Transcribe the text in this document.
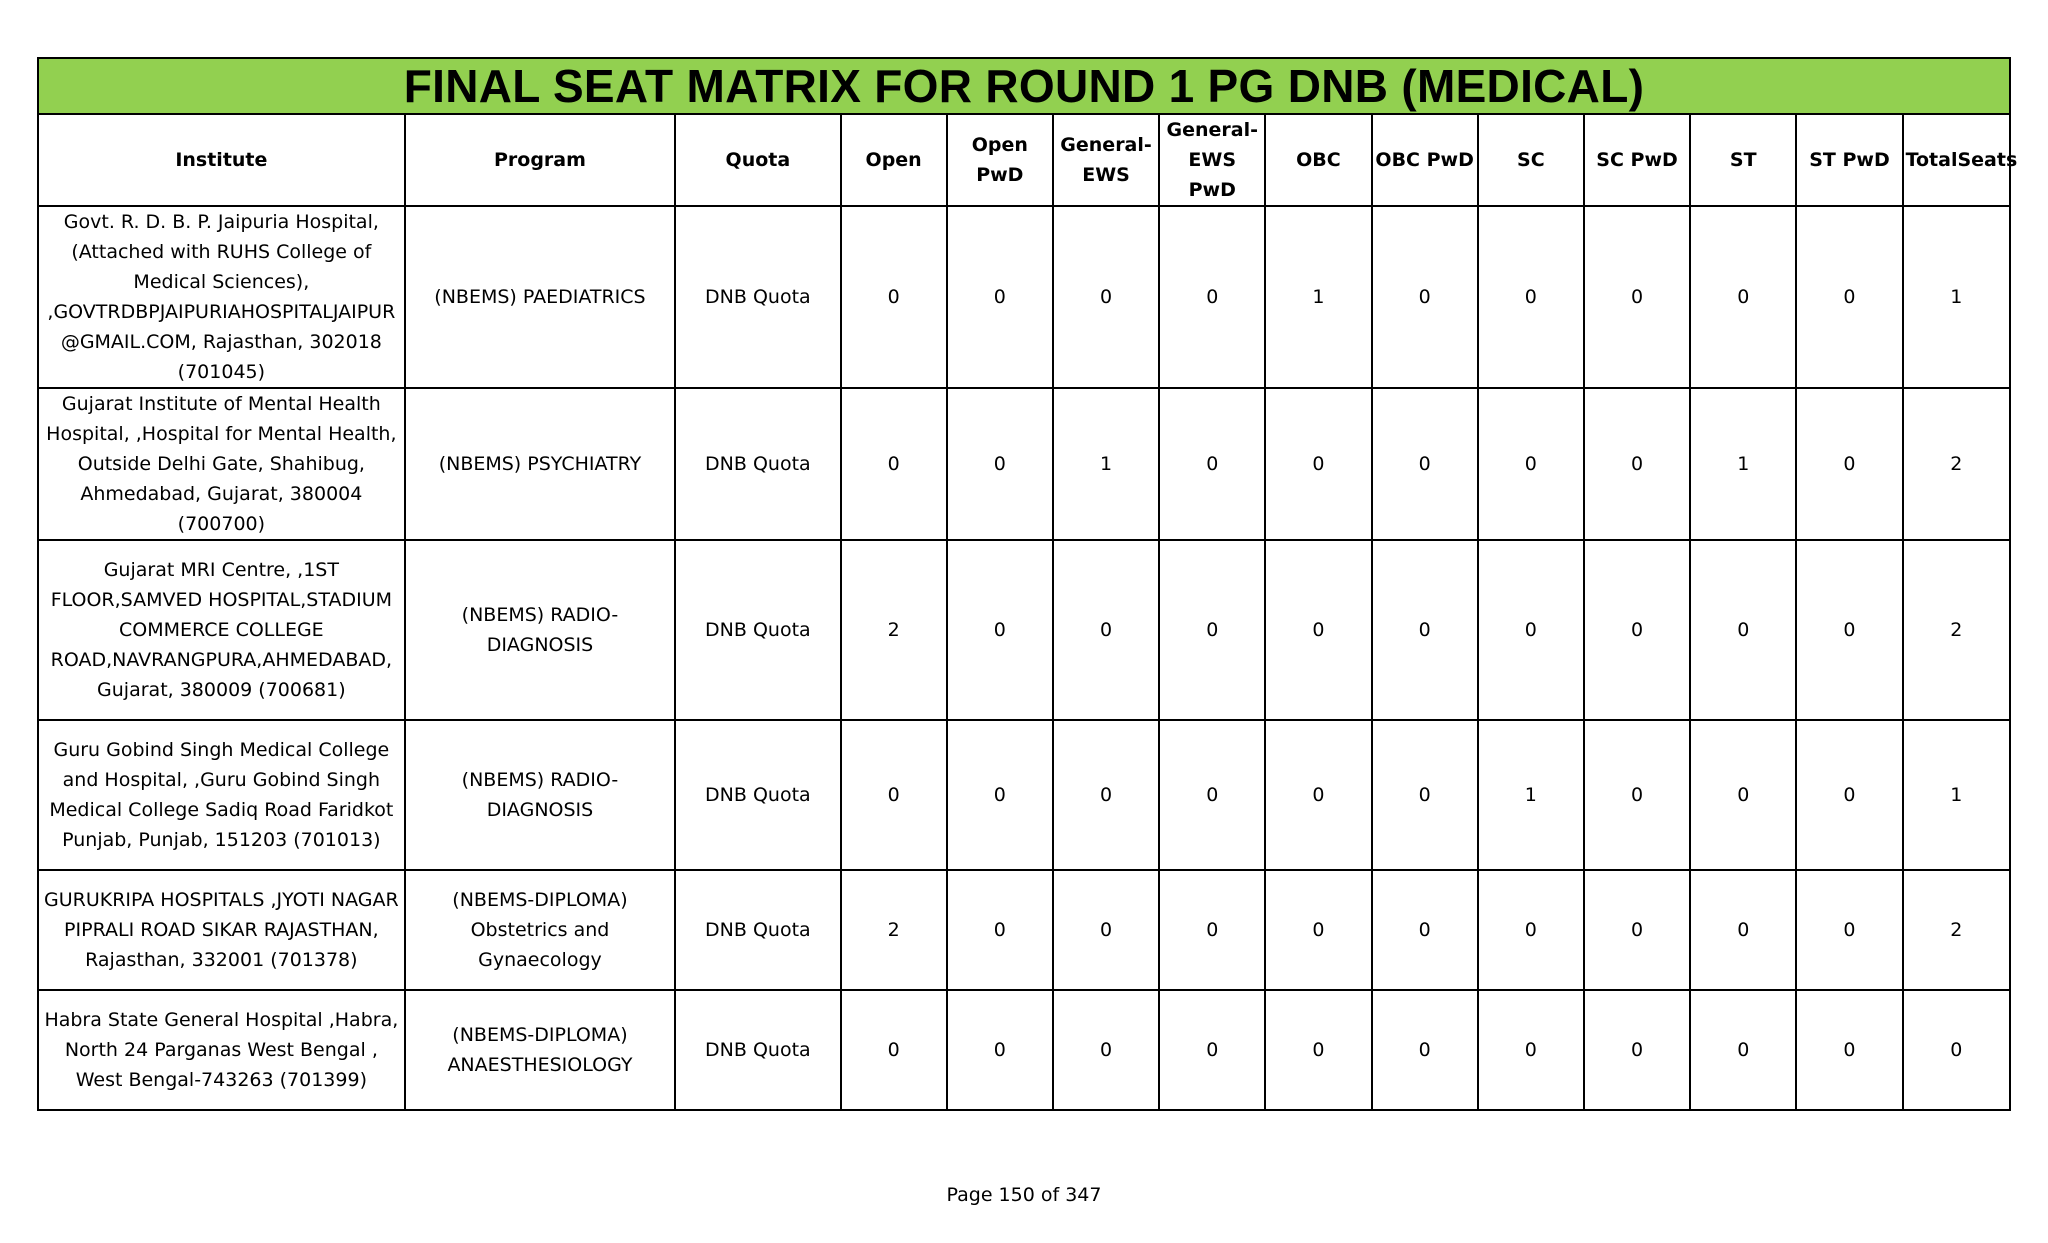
FINAL SEAT MATRIX FOR ROUND 1 PG DNB (MEDICAL)													
Institute	Program	Quota	Open	Open PwD	General-EWS	General-EWS PwD	OBC	OBC PwD	SC	SC PwD	ST	ST PwD	TotalSeats
Govt. R. D. B. P. Jaipuria Hospital, (Attached with RUHS College of Medical Sciences), ,GOVTRDBPJAIPURIAHOSPITALJAIPUR@GMAIL.COM, Rajasthan, 302018 (701045)	(NBEMS) PAEDIATRICS	DNB Quota	0	0	0	0	1	0	0	0	0	0	1
Gujarat Institute of Mental Health Hospital, ,Hospital for Mental Health, Outside Delhi Gate, Shahibug, Ahmedabad, Gujarat, 380004 (700700)	(NBEMS) PSYCHIATRY	DNB Quota	0	0	1	0	0	0	0	0	1	0	2
Gujarat MRI Centre, ,1ST FLOOR,SAMVED HOSPITAL,STADIUM COMMERCE COLLEGE ROAD,NAVRANGPURA,AHMEDABAD, Gujarat, 380009 (700681)	(NBEMS) RADIO-DIAGNOSIS	DNB Quota	2	0	0	0	0	0	0	0	0	0	2
Guru Gobind Singh Medical College and Hospital, ,Guru Gobind Singh Medical College Sadiq Road Faridkot Punjab, Punjab, 151203 (701013)	(NBEMS) RADIO-DIAGNOSIS	DNB Quota	0	0	0	0	0	0	1	0	0	0	1
GURUKRIPA HOSPITALS ,JYOTI NAGAR PIPRALI ROAD SIKAR RAJASTHAN, Rajasthan, 332001 (701378)	(NBEMS-DIPLOMA) Obstetrics and Gynaecology	DNB Quota	2	0	0	0	0	0	0	0	0	0	2
Habra State General Hospital ,Habra, North 24 Parganas West Bengal , West Bengal-743263 (701399)	(NBEMS-DIPLOMA) ANAESTHESIOLOGY	DNB Quota	0	0	0	0	0	0	0	0	0	0	0
Page 150 of 347
